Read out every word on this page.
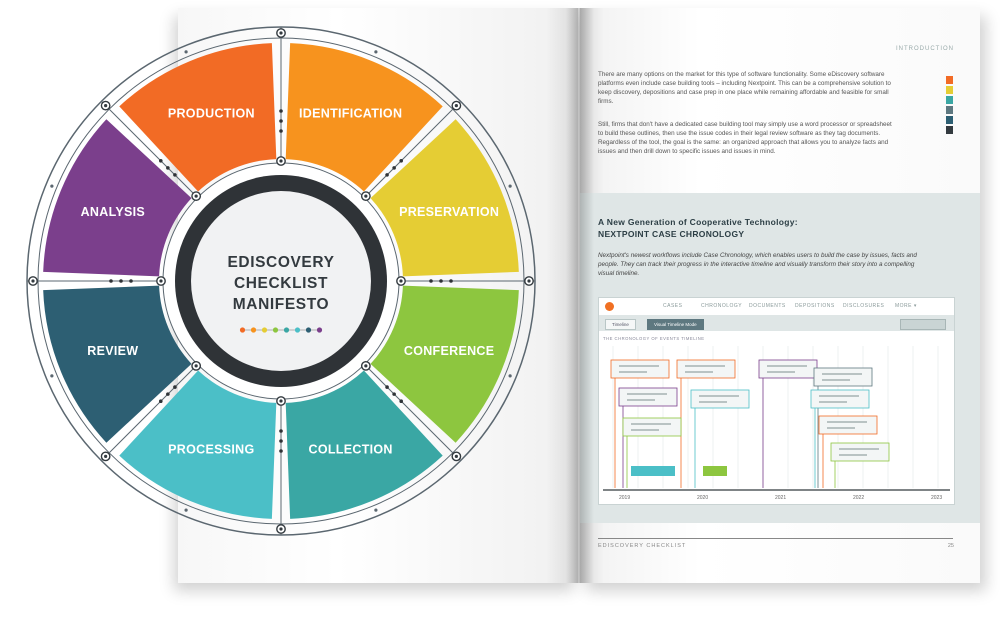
INTRODUCTION
There are many options on the market for this type of software functionality. Some eDiscovery software platforms even include case building tools – including Nextpoint. This can be a comprehensive solution to keep discovery, depositions and case prep in one place while remaining affordable and feasible for small firms.
Still, firms that don't have a dedicated case building tool may simply use a word processor or spreadsheet to build these outlines, then use the issue codes in their legal review software as they tag documents. Regardless of the tool, the goal is the same: an organized approach that allows you to analyze facts and issues and then drill down to specific issues and issues in mind.
A New Generation of Cooperative Technology:
NEXTPOINT CASE CHRONOLOGY
Nextpoint's newest workflows include Case Chronology, which enables users to build the case by issues, facts and people. They can track their progress in the interactive timeline and visually transform their story into a compelling visual timeline.
CASES	CHRONOLOGY DOCUMENTS DEPOSITIONS DISCLOSURES MORE ▾
Timeline	Visual Timeline Mode
THE CHRONOLOGY OF EVENTS TIMELINE
2019	2020	2021	2022	2023
EDISCOVERY CHECKLIST	25
PRODUCTION	IDENTIFICATION
PRESERVATION
CONFERENCE
COLLECTION
PROCESSING
REVIEW
ANALYSIS
EDISCOVERY
CHECKLIST
MANIFESTO
